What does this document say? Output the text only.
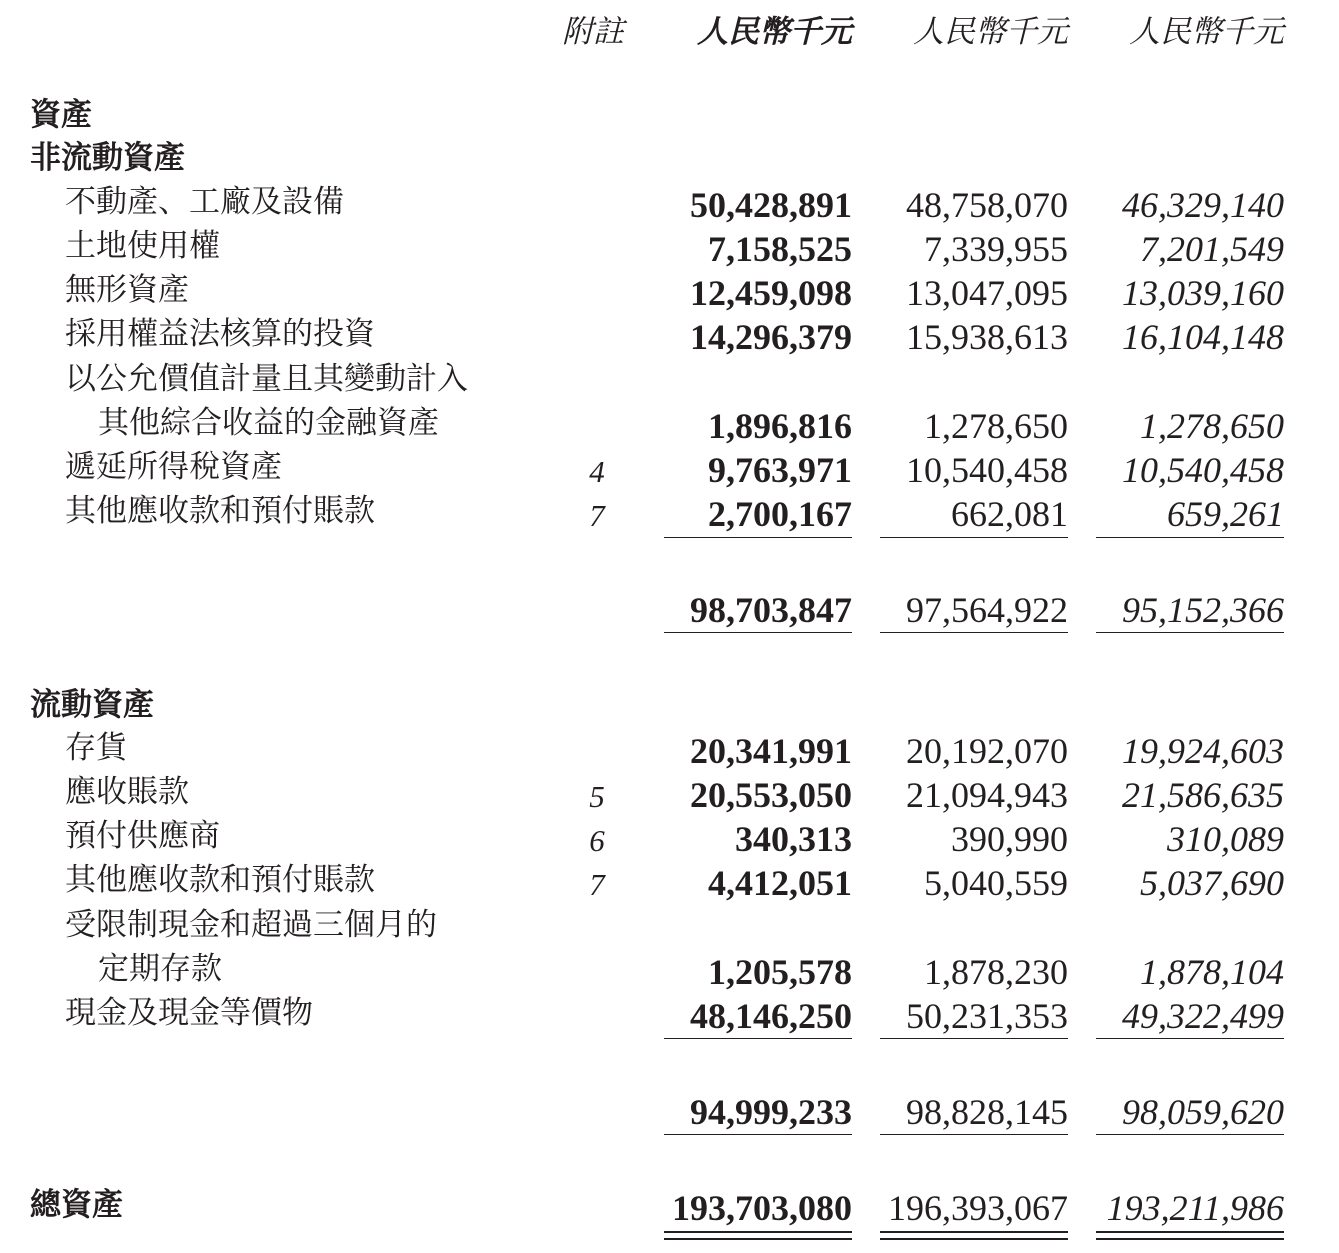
附註	人民幣千元	人民幣千元	人民幣千元
資產
非流動資產
不動產、工廠及設備	50,428,891	48,758,070	46,329,140
土地使用權	7,158,525	7,339,955	7,201,549
無形資產	12,459,098	13,047,095	13,039,160
採用權益法核算的投資	14,296,379	15,938,613	16,104,148
以公允價值計量且其變動計入
其他綜合收益的金融資產	1,896,816	1,278,650	1,278,650
遞延所得稅資產	4	9,763,971	10,540,458	10,540,458
其他應收款和預付賬款	7	2,700,167	662,081	659,261
98,703,847	97,564,922	95,152,366
流動資產
存貨	20,341,991	20,192,070	19,924,603
應收賬款	5	20,553,050	21,094,943	21,586,635
預付供應商	6	340,313	390,990	310,089
其他應收款和預付賬款	7	4,412,051	5,040,559	5,037,690
受限制現金和超過三個月的
定期存款	1,205,578	1,878,230	1,878,104
現金及現金等價物	48,146,250	50,231,353	49,322,499
94,999,233	98,828,145	98,059,620
總資產	193,703,080 196,393,067 193,211,986
